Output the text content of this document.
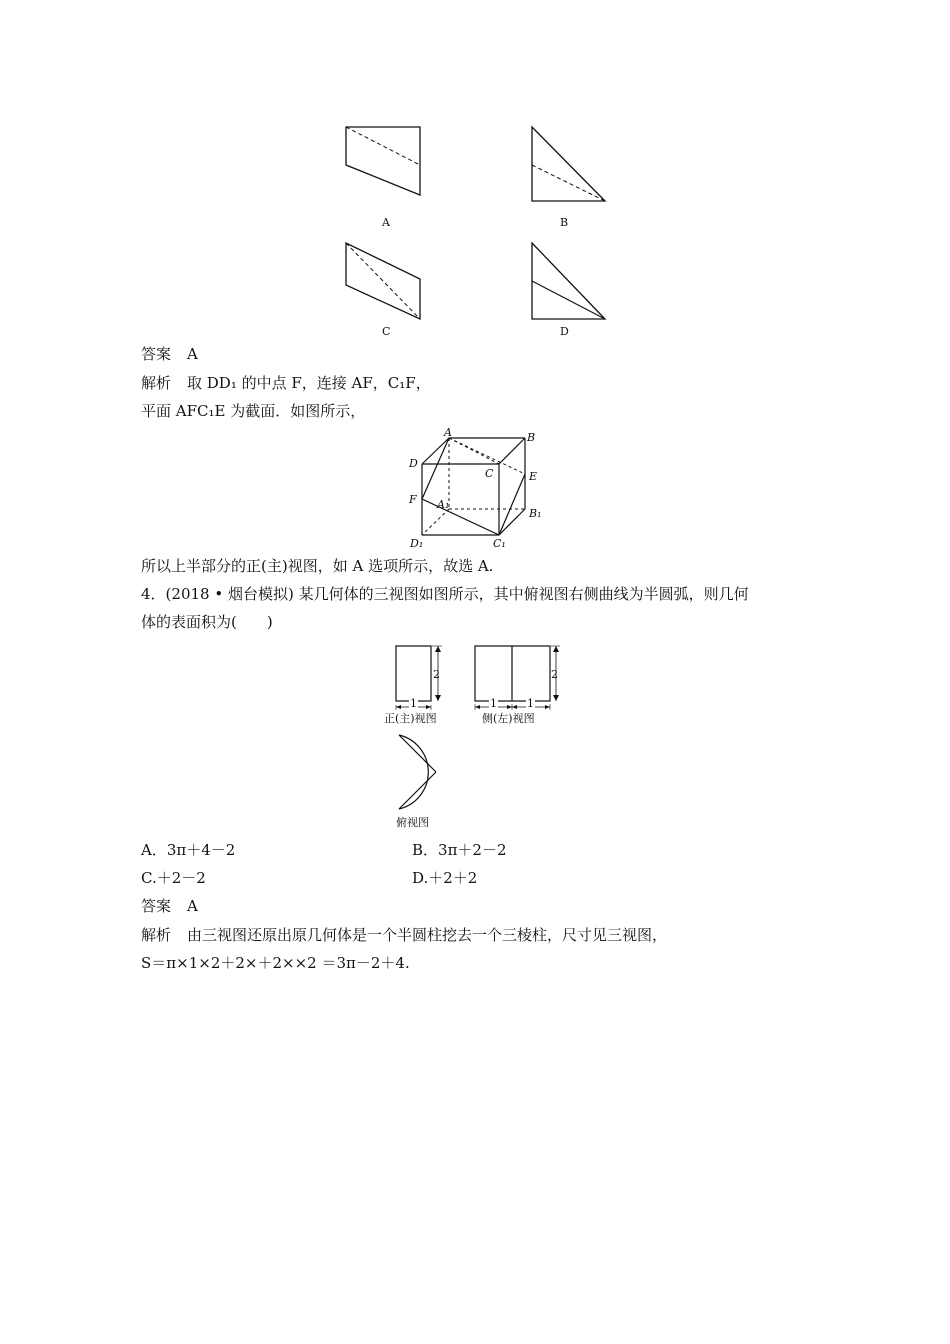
A	B
C	D
答案 A
解析 取 DD₁ 的中点 F，连接 AF，C₁F，
平面 AFC₁E 为截面．如图所示，
A	B
D
C	E
F A₁
B₁
D₁	C₁
所以上半部分的正(主)视图，如 A 选项所示，故选 A.
4．(2018 • 烟台模拟) 某几何体的三视图如图所示，其中俯视图右侧曲线为半圆弧，则几何
体的表面积为(　　)
2
1
正(主)视图
2
1	1
侧(左)视图
俯视图
A．3π＋4－2	B．3π＋2－2
C.＋2－2	D.＋2＋2
答案 A
解析 由三视图还原出原几何体是一个半圆柱挖去一个三棱柱，尺寸见三视图，
S＝π×1×2＋2×＋2××2 ＝3π－2＋4.
